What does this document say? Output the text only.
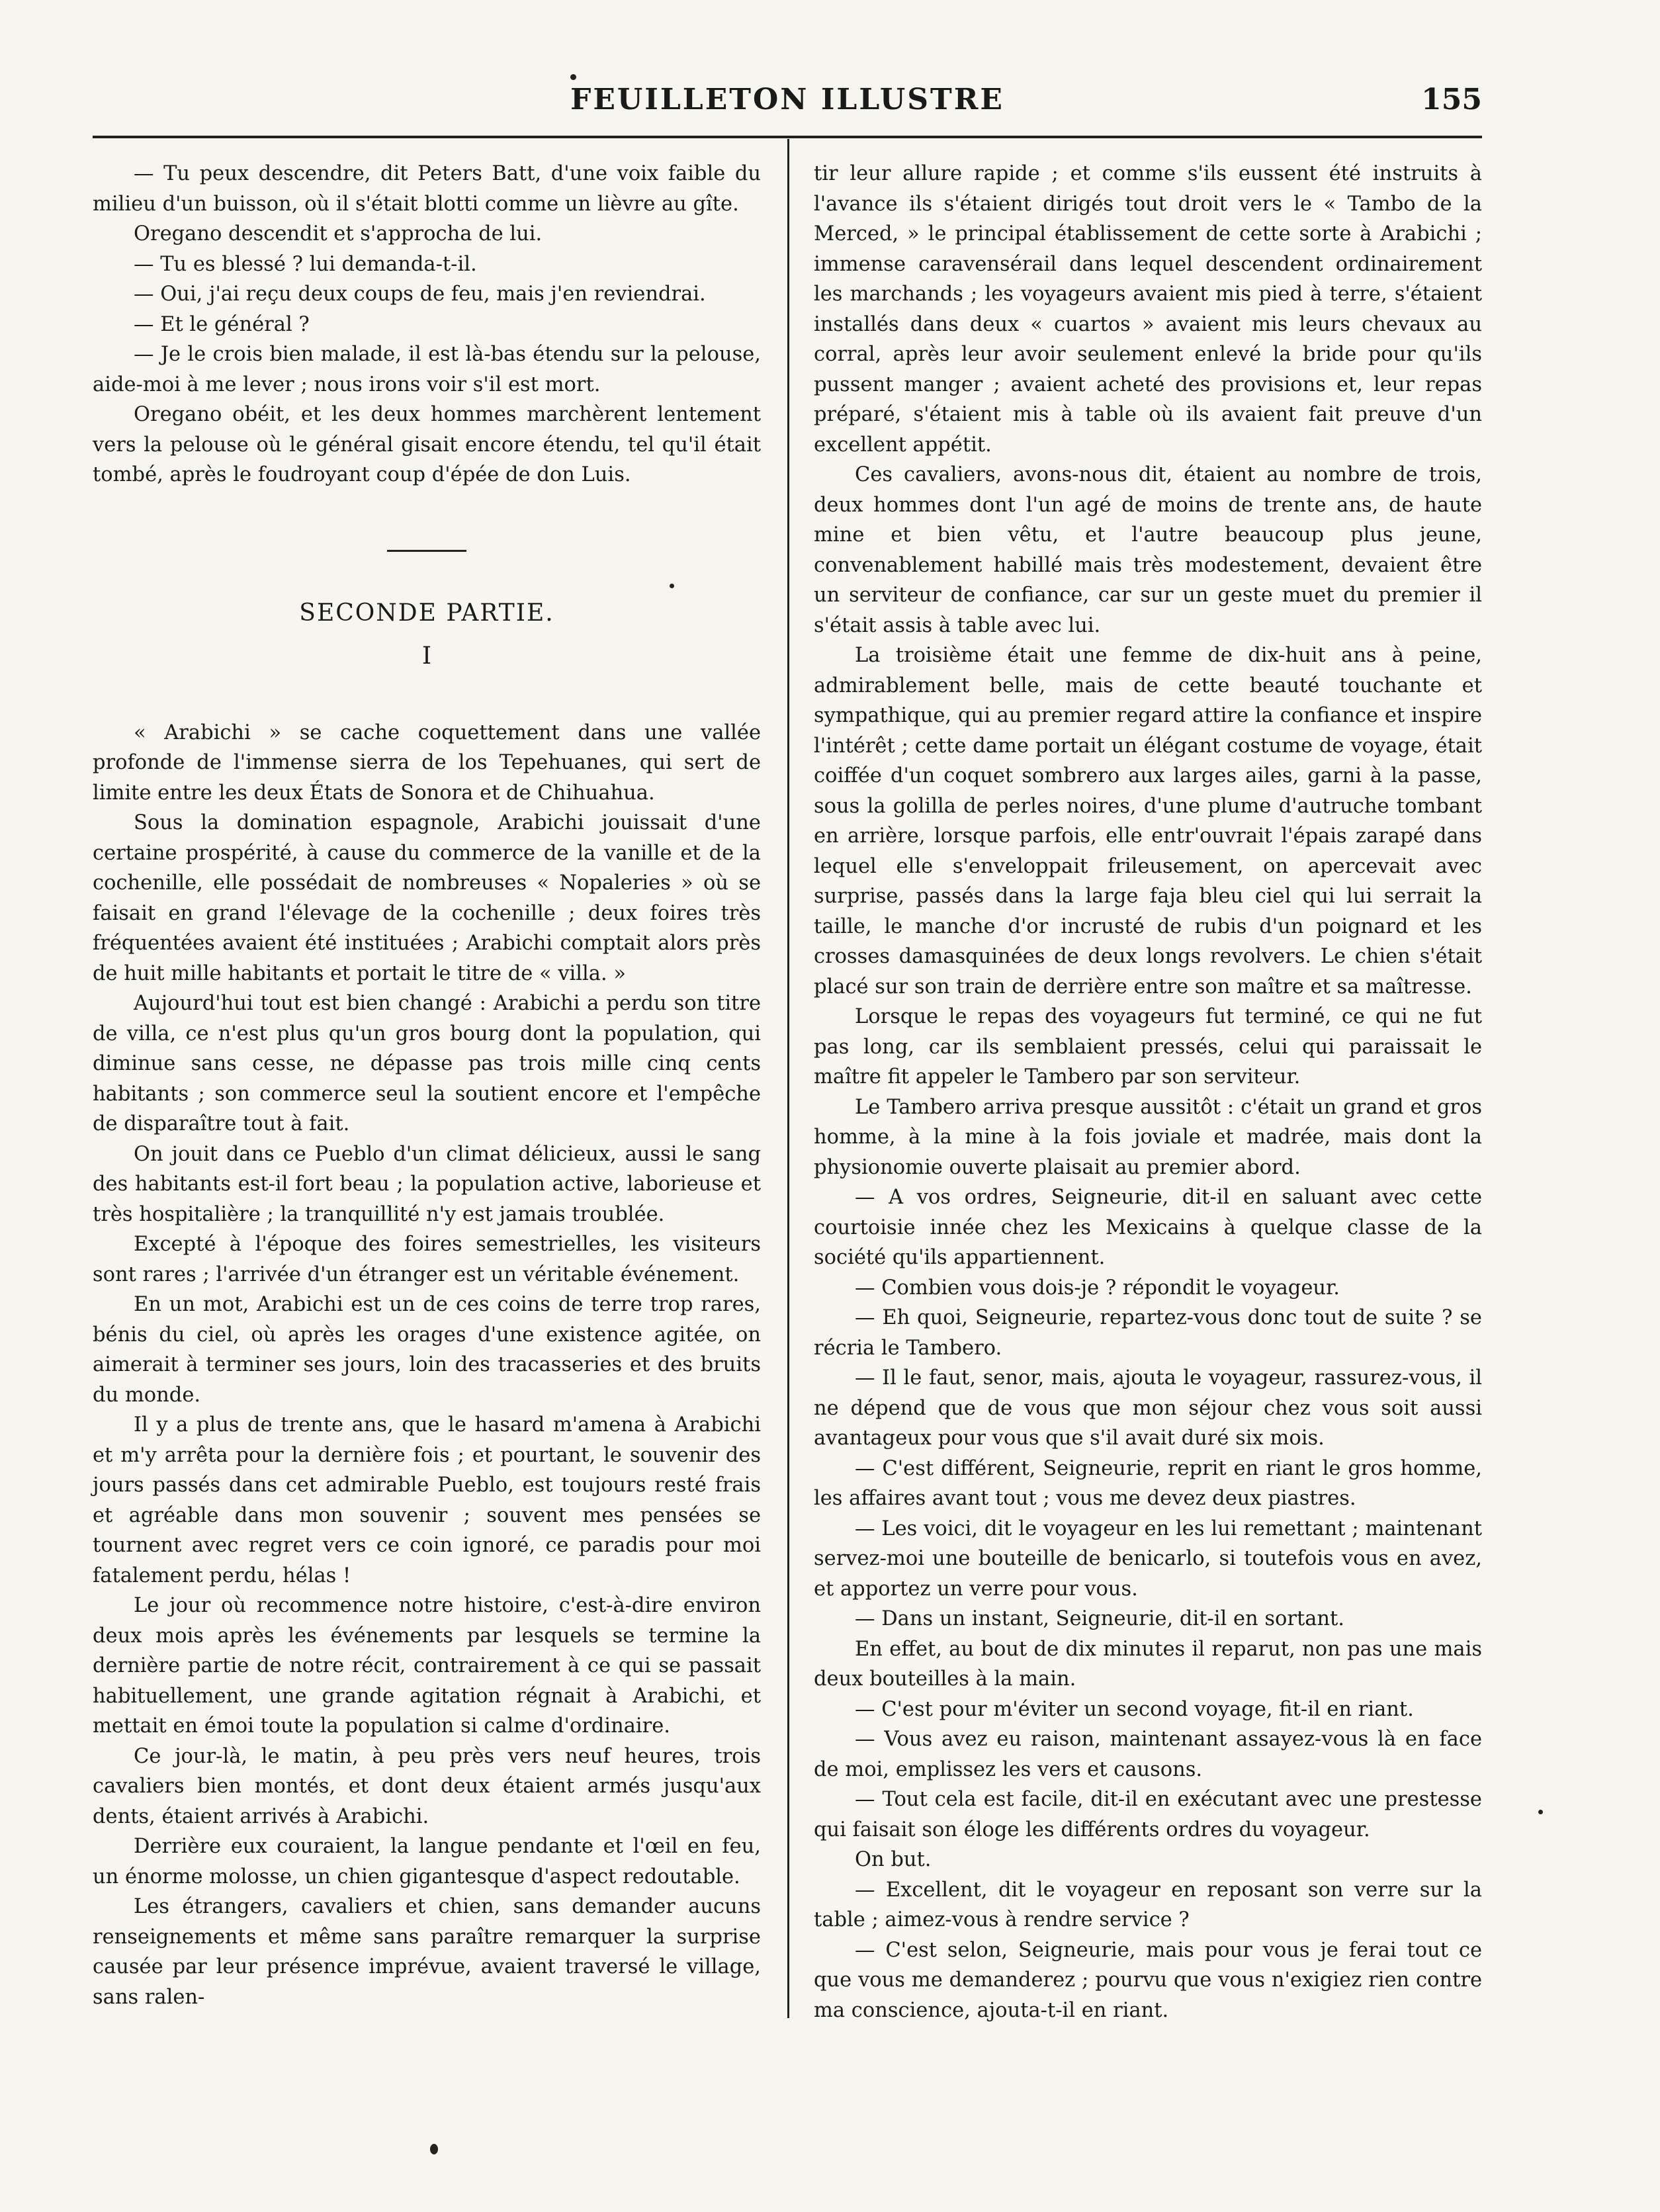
FEUILLETON ILLUSTRE	155

— Tu peux descendre, dit Peters Batt, d'une voix faible du milieu d'un buisson, où il s'était blotti comme un lièvre au gîte.

Oregano descendit et s'approcha de lui.

— Tu es blessé ? lui demanda-t-il.

— Oui, j'ai reçu deux coups de feu, mais j'en reviendrai.

— Et le général ?

— Je le crois bien malade, il est là-bas étendu sur la pelouse, aide-moi à me lever ; nous irons voir s'il est mort.

Oregano obéit, et les deux hommes marchèrent lentement vers la pelouse où le général gisait encore étendu, tel qu'il était tombé, après le foudroyant coup d'épée de don Luis.

SECONDE PARTIE.
I

« Arabichi » se cache coquettement dans une vallée profonde de l'immense sierra de los Tepehuanes, qui sert de limite entre les deux États de Sonora et de Chihuahua.

Sous la domination espagnole, Arabichi jouissait d'une certaine prospérité, à cause du commerce de la vanille et de la cochenille, elle possédait de nombreuses « Nopaleries » où se faisait en grand l'élevage de la cochenille ; deux foires très fréquentées avaient été instituées ; Arabichi comptait alors près de huit mille habitants et portait le titre de « villa. »

Aujourd'hui tout est bien changé : Arabichi a perdu son titre de villa, ce n'est plus qu'un gros bourg dont la population, qui diminue sans cesse, ne dépasse pas trois mille cinq cents habitants ; son commerce seul la soutient encore et l'empêche de disparaître tout à fait.

On jouit dans ce Pueblo d'un climat délicieux, aussi le sang des habitants est-il fort beau ; la population active, laborieuse et très hospitalière ; la tranquillité n'y est jamais troublée.

Excepté à l'époque des foires semestrielles, les visiteurs sont rares ; l'arrivée d'un étranger est un véritable événement.

En un mot, Arabichi est un de ces coins de terre trop rares, bénis du ciel, où après les orages d'une existence agitée, on aimerait à terminer ses jours, loin des tracasseries et des bruits du monde.

Il y a plus de trente ans, que le hasard m'amena à Arabichi et m'y arrêta pour la dernière fois ; et pourtant, le souvenir des jours passés dans cet admirable Pueblo, est toujours resté frais et agréable dans mon souvenir ; souvent mes pensées se tournent avec regret vers ce coin ignoré, ce paradis pour moi fatalement perdu, hélas !

Le jour où recommence notre histoire, c'est-à-dire environ deux mois après les événements par lesquels se termine la dernière partie de notre récit, contrairement à ce qui se passait habituellement, une grande agitation régnait à Arabichi, et mettait en émoi toute la population si calme d'ordinaire.

Ce jour-là, le matin, à peu près vers neuf heures, trois cavaliers bien montés, et dont deux étaient armés jusqu'aux dents, étaient arrivés à Arabichi.

Derrière eux couraient, la langue pendante et l'œil en feu, un énorme molosse, un chien gigantesque d'aspect redoutable.

Les étrangers, cavaliers et chien, sans demander aucuns renseignements et même sans paraître remarquer la surprise causée par leur présence imprévue, avaient traversé le village, sans ralen-

tir leur allure rapide ; et comme s'ils eussent été instruits à l'avance ils s'étaient dirigés tout droit vers le « Tambo de la Merced, » le principal établissement de cette sorte à Arabichi ; immense caravensérail dans lequel descendent ordinairement les marchands ; les voyageurs avaient mis pied à terre, s'étaient installés dans deux « cuartos » avaient mis leurs chevaux au corral, après leur avoir seulement enlevé la bride pour qu'ils pussent manger ; avaient acheté des provisions et, leur repas préparé, s'étaient mis à table où ils avaient fait preuve d'un excellent appétit.

Ces cavaliers, avons-nous dit, étaient au nombre de trois, deux hommes dont l'un agé de moins de trente ans, de haute mine et bien vêtu, et l'autre beaucoup plus jeune, convenablement habillé mais très modestement, devaient être un serviteur de confiance, car sur un geste muet du premier il s'était assis à table avec lui.

La troisième était une femme de dix-huit ans à peine, admirablement belle, mais de cette beauté touchante et sympathique, qui au premier regard attire la confiance et inspire l'intérêt ; cette dame portait un élégant costume de voyage, était coiffée d'un coquet sombrero aux larges ailes, garni à la passe, sous la golilla de perles noires, d'une plume d'autruche tombant en arrière, lorsque parfois, elle entr'ouvrait l'épais zarapé dans lequel elle s'enveloppait frileusement, on apercevait avec surprise, passés dans la large faja bleu ciel qui lui serrait la taille, le manche d'or incrusté de rubis d'un poignard et les crosses damasquinées de deux longs revolvers. Le chien s'était placé sur son train de derrière entre son maître et sa maîtresse.

Lorsque le repas des voyageurs fut terminé, ce qui ne fut pas long, car ils semblaient pressés, celui qui paraissait le maître fit appeler le Tambero par son serviteur.

Le Tambero arriva presque aussitôt : c'était un grand et gros homme, à la mine à la fois joviale et madrée, mais dont la physionomie ouverte plaisait au premier abord.

— A vos ordres, Seigneurie, dit-il en saluant avec cette courtoisie innée chez les Mexicains à quelque classe de la société qu'ils appartiennent.

— Combien vous dois-je ? répondit le voyageur.

— Eh quoi, Seigneurie, repartez-vous donc tout de suite ? se récria le Tambero.

— Il le faut, senor, mais, ajouta le voyageur, rassurez-vous, il ne dépend que de vous que mon séjour chez vous soit aussi avantageux pour vous que s'il avait duré six mois.

— C'est différent, Seigneurie, reprit en riant le gros homme, les affaires avant tout ; vous me devez deux piastres.

— Les voici, dit le voyageur en les lui remettant ; maintenant servez-moi une bouteille de benicarlo, si toutefois vous en avez, et apportez un verre pour vous.

— Dans un instant, Seigneurie, dit-il en sortant.

En effet, au bout de dix minutes il reparut, non pas une mais deux bouteilles à la main.

— C'est pour m'éviter un second voyage, fit-il en riant.

— Vous avez eu raison, maintenant assayez-vous là en face de moi, emplissez les vers et causons.

— Tout cela est facile, dit-il en exécutant avec une prestesse qui faisait son éloge les différents ordres du voyageur.

On but.

— Excellent, dit le voyageur en reposant son verre sur la table ; aimez-vous à rendre service ?

— C'est selon, Seigneurie, mais pour vous je ferai tout ce que vous me demanderez ; pourvu que vous n'exigiez rien contre ma conscience, ajouta-t-il en riant.
